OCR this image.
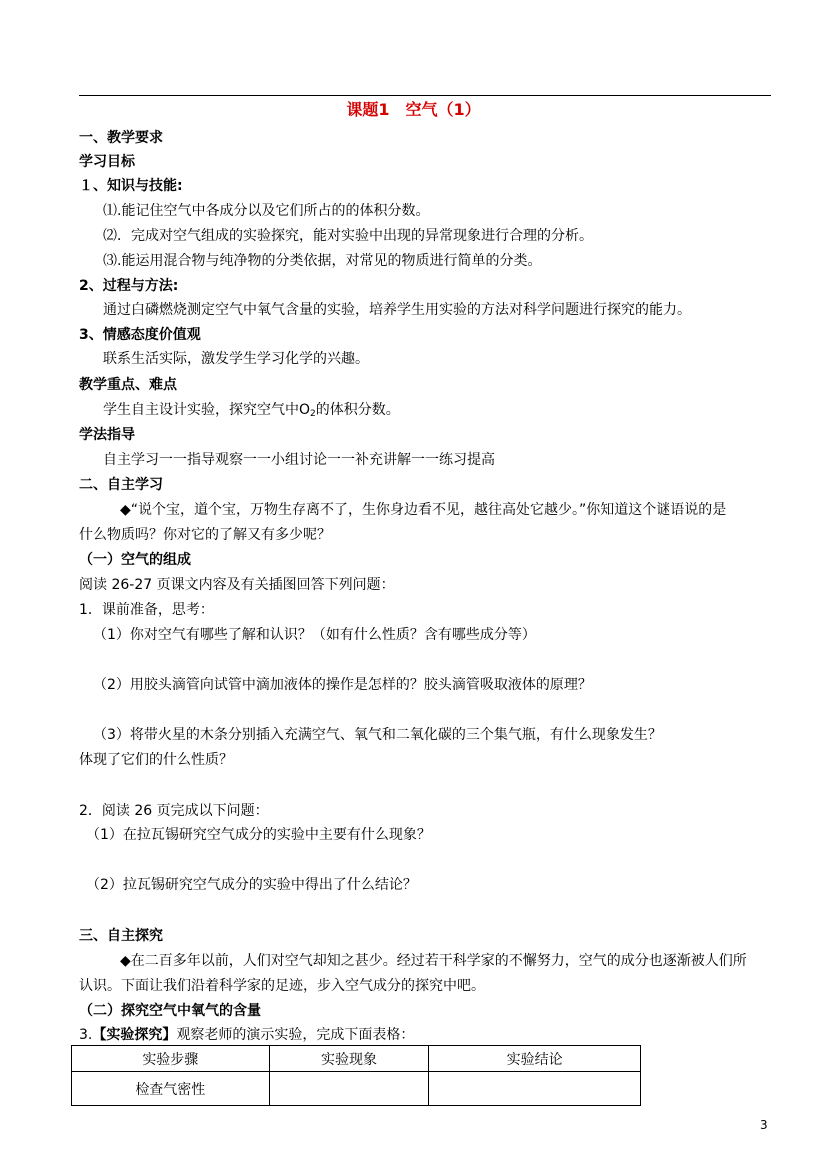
课题1　空气（1）
一、教学要求
学习目标
１、知识与技能:
⑴.能记住空气中各成分以及它们所占的的体积分数。
⑵．完成对空气组成的实验探究，能对实验中出现的异常现象进行合理的分析。
⑶.能运用混合物与纯净物的分类依据，对常见的物质进行简单的分类。
2、过程与方法:
通过白磷燃烧测定空气中氧气含量的实验，培养学生用实验的方法对科学问题进行探究的能力。
3、情感态度价值观
联系生活实际，激发学生学习化学的兴趣。
教学重点、难点
学生自主设计实验，探究空气中$O_2$的体积分数。
学法指导
自主学习一一指导观察一一小组讨论一一补充讲解一一练习提高
二、自主学习
◆“说个宝，道个宝，万物生存离不了，生你身边看不见，越往高处它越少。”你知道这个谜语说的是
什么物质吗？你对它的了解又有多少呢？
（一）空气的组成
阅读 26-27 页课文内容及有关插图回答下列问题：
1．课前准备，思考：
（1）你对空气有哪些了解和认识？（如有什么性质？含有哪些成分等）
（2）用胶头滴管向试管中滴加液体的操作是怎样的？胶头滴管吸取液体的原理？
（3）将带火星的木条分别插入充满空气、氧气和二氧化碳的三个集气瓶，有什么现象发生？
体现了它们的什么性质？
2．阅读 26 页完成以下问题：
（1）在拉瓦锡研究空气成分的实验中主要有什么现象？
（2）拉瓦锡研究空气成分的实验中得出了什么结论？
三、自主探究
◆在二百多年以前，人们对空气却知之甚少。经过若干科学家的不懈努力，空气的成分也逐渐被人们所
认识。下面让我们沿着科学家的足迹，步入空气成分的探究中吧。
（二）探究空气中氧气的含量
3.【实验探究】观察老师的演示实验，完成下面表格：
实验步骤	实验现象	实验结论
检查气密性		
3
